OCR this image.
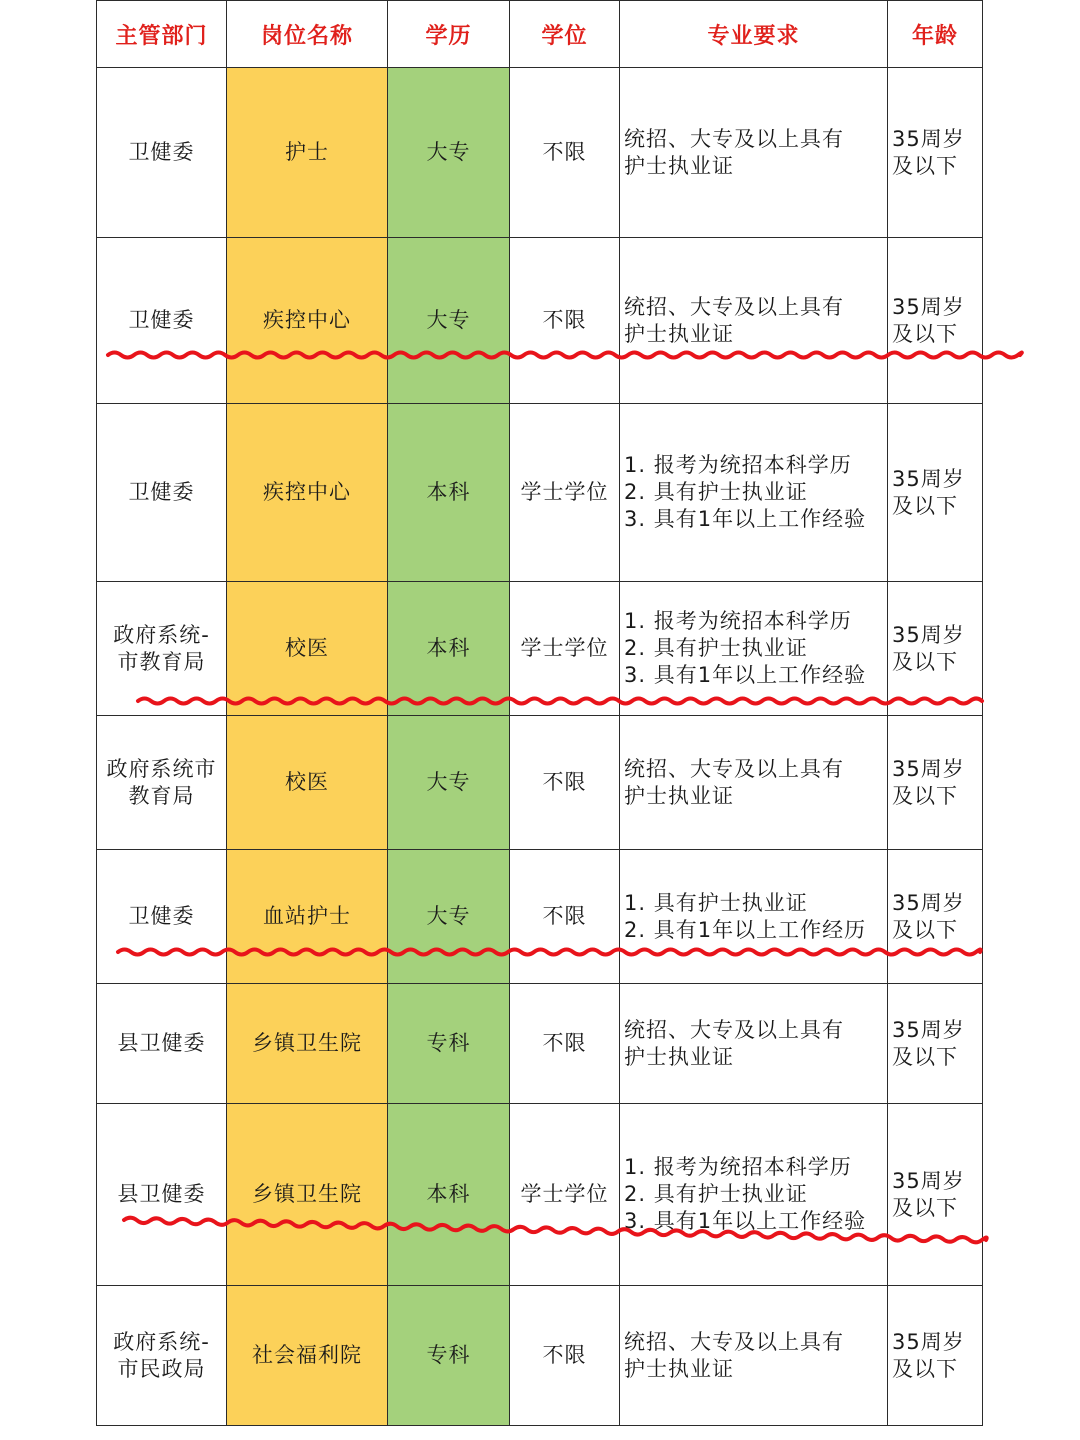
主管部门	岗位名称	学历	学位	专业要求	年龄

卫健委	护士	大专	不限	统招、大专及以上具有
护士执业证	35周岁
及以下

卫健委	疾控中心	大专	不限	统招、大专及以上具有
护士执业证	35周岁
及以下

卫健委	疾控中心	本科	学士学位	1. 报考为统招本科学历
2. 具有护士执业证
3. 具有1年以上工作经验	35周岁
及以下

政府系统-
市教育局	校医	本科	学士学位	1. 报考为统招本科学历
2. 具有护士执业证
3. 具有1年以上工作经验	35周岁
及以下

政府系统市
教育局	校医	大专	不限	统招、大专及以上具有
护士执业证	35周岁
及以下

卫健委	血站护士	大专	不限	1. 具有护士执业证
2. 具有1年以上工作经历	35周岁
及以下

县卫健委	乡镇卫生院	专科	不限	统招、大专及以上具有
护士执业证	35周岁
及以下

县卫健委	乡镇卫生院	本科	学士学位	1. 报考为统招本科学历
2. 具有护士执业证
3. 具有1年以上工作经验	35周岁
及以下

政府系统-
市民政局	社会福利院	专科	不限	统招、大专及以上具有
护士执业证	35周岁
及以下
